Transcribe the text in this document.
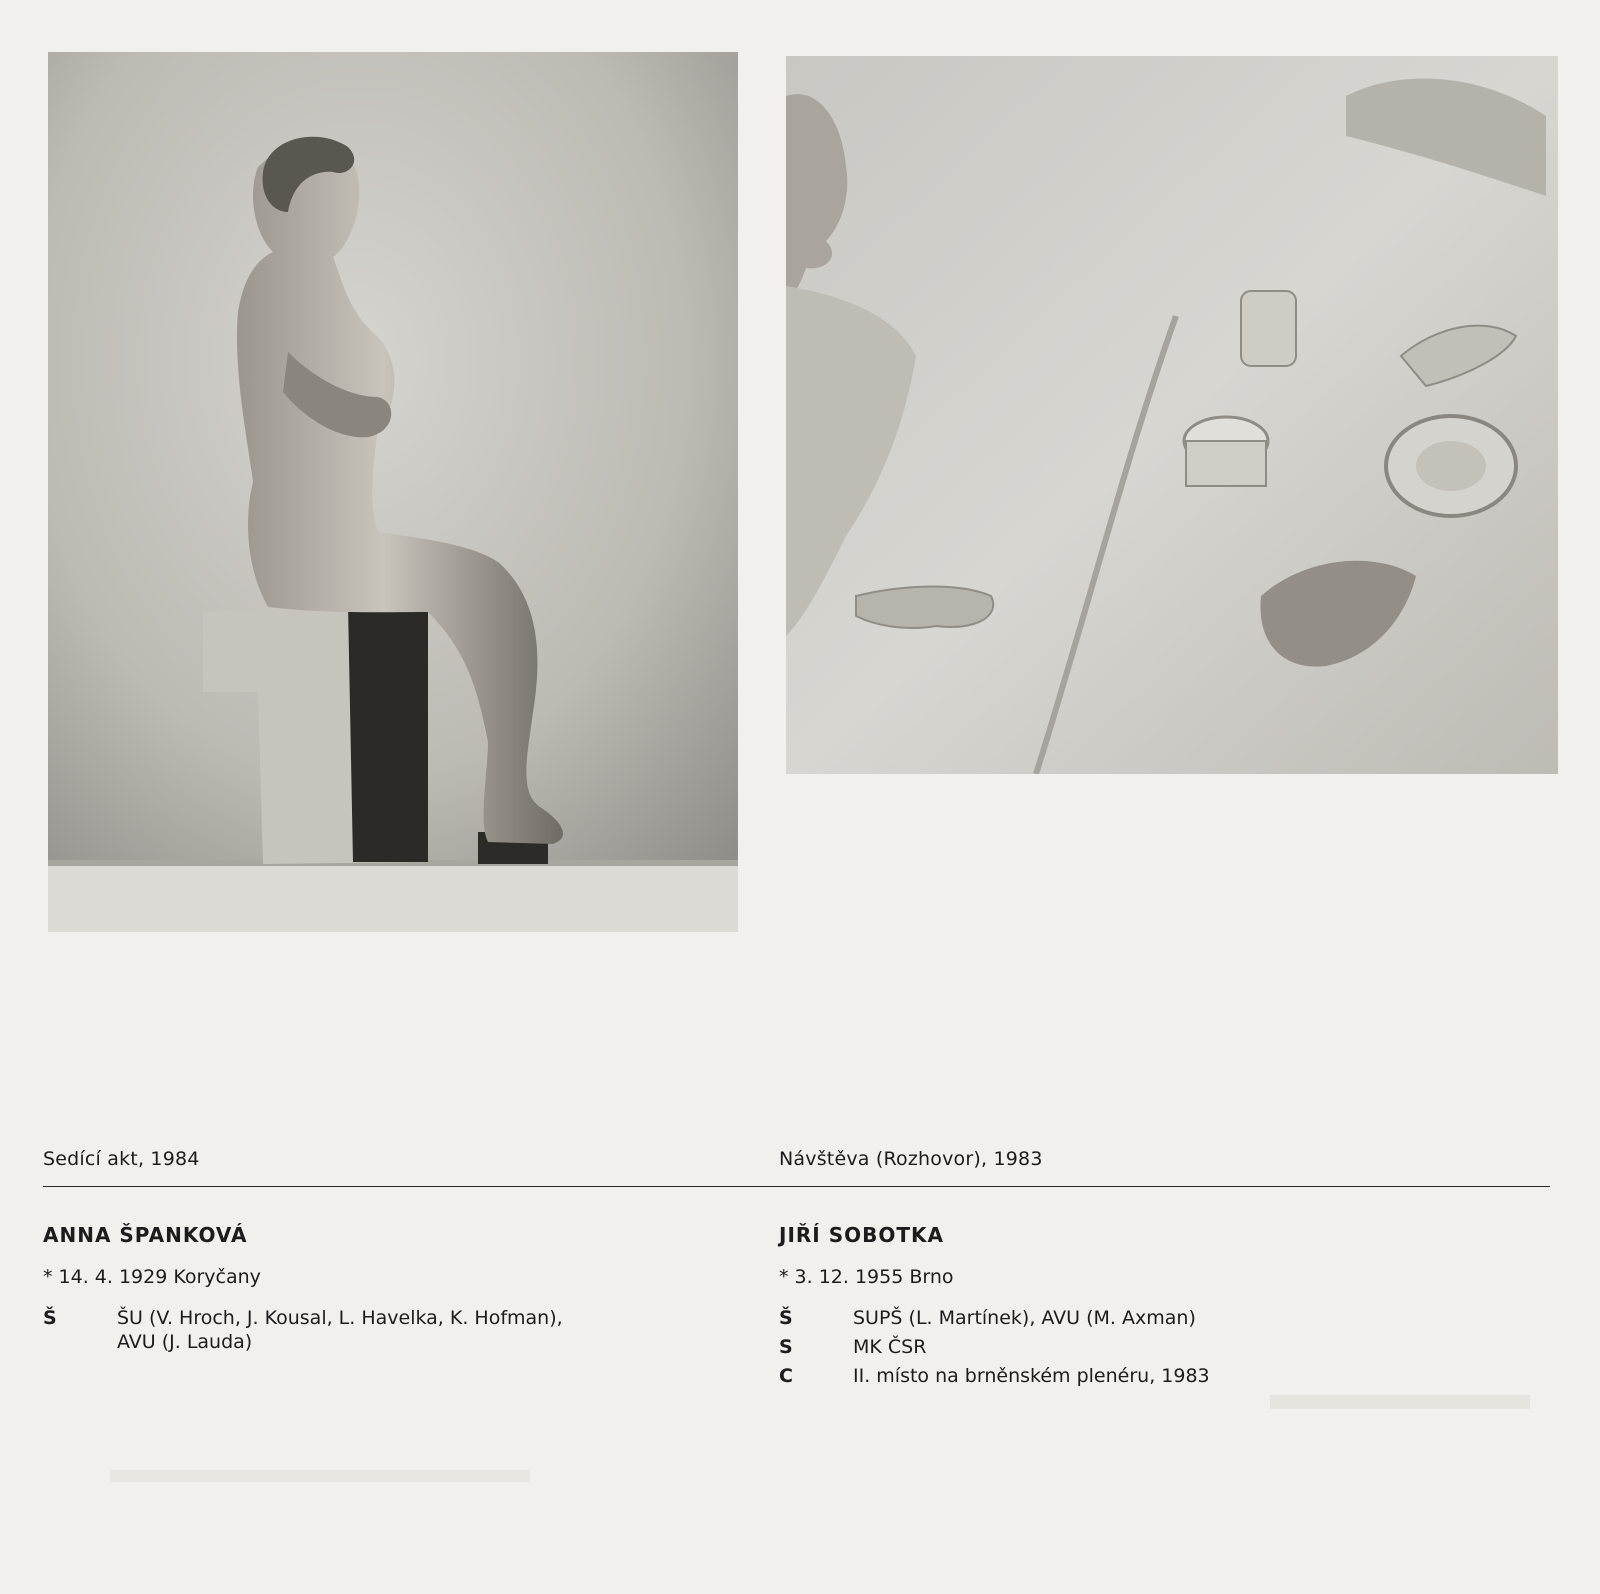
Sedící akt, 1984	Návštěva (Rozhovor), 1983
ANNA ŠPANKOVÁ
* 14. 4. 1929 Koryčany
Š	ŠU (V. Hroch, J. Kousal, L. Havelka, K. Hofman),
AVU (J. Lauda)
JIŘÍ SOBOTKA
* 3. 12. 1955 Brno
Š	SUPŠ (L. Martínek), AVU (M. Axman)
S	MK ČSR
C	II. místo na brněnském plenéru, 1983
